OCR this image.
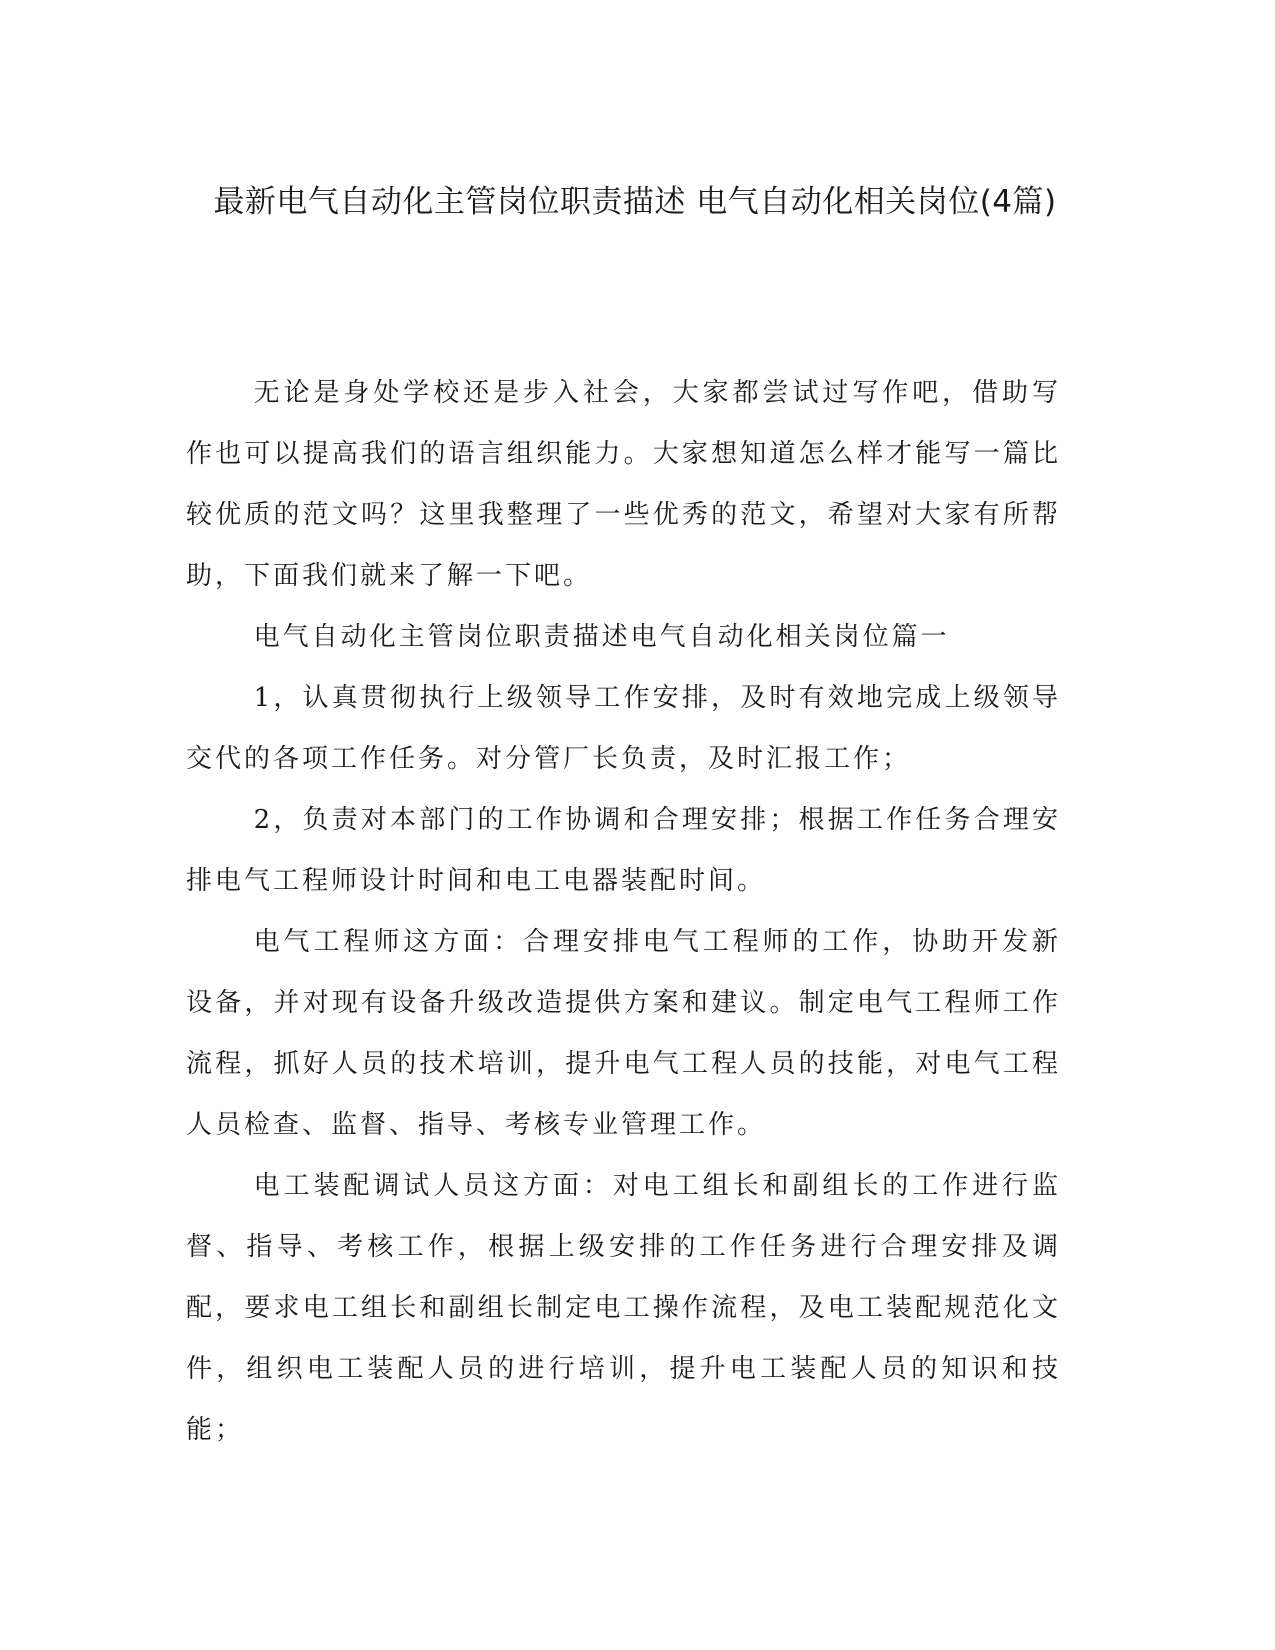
最新电气自动化主管岗位职责描述 电气自动化相关岗位(4篇)

无论是身处学校还是步入社会，大家都尝试过写作吧，借助写作也可以提高我们的语言组织能力。大家想知道怎么样才能写一篇比较优质的范文吗？这里我整理了一些优秀的范文，希望对大家有所帮助，下面我们就来了解一下吧。

电气自动化主管岗位职责描述电气自动化相关岗位篇一

1，认真贯彻执行上级领导工作安排，及时有效地完成上级领导交代的各项工作任务。对分管厂长负责，及时汇报工作；

2，负责对本部门的工作协调和合理安排；根据工作任务合理安排电气工程师设计时间和电工电器装配时间。

电气工程师这方面：合理安排电气工程师的工作，协助开发新设备，并对现有设备升级改造提供方案和建议。制定电气工程师工作流程，抓好人员的技术培训，提升电气工程人员的技能，对电气工程人员检查、监督、指导、考核专业管理工作。

电工装配调试人员这方面：对电工组长和副组长的工作进行监督、指导、考核工作，根据上级安排的工作任务进行合理安排及调配，要求电工组长和副组长制定电工操作流程，及电工装配规范化文件，组织电工装配人员的进行培训，提升电工装配人员的知识和技能；
